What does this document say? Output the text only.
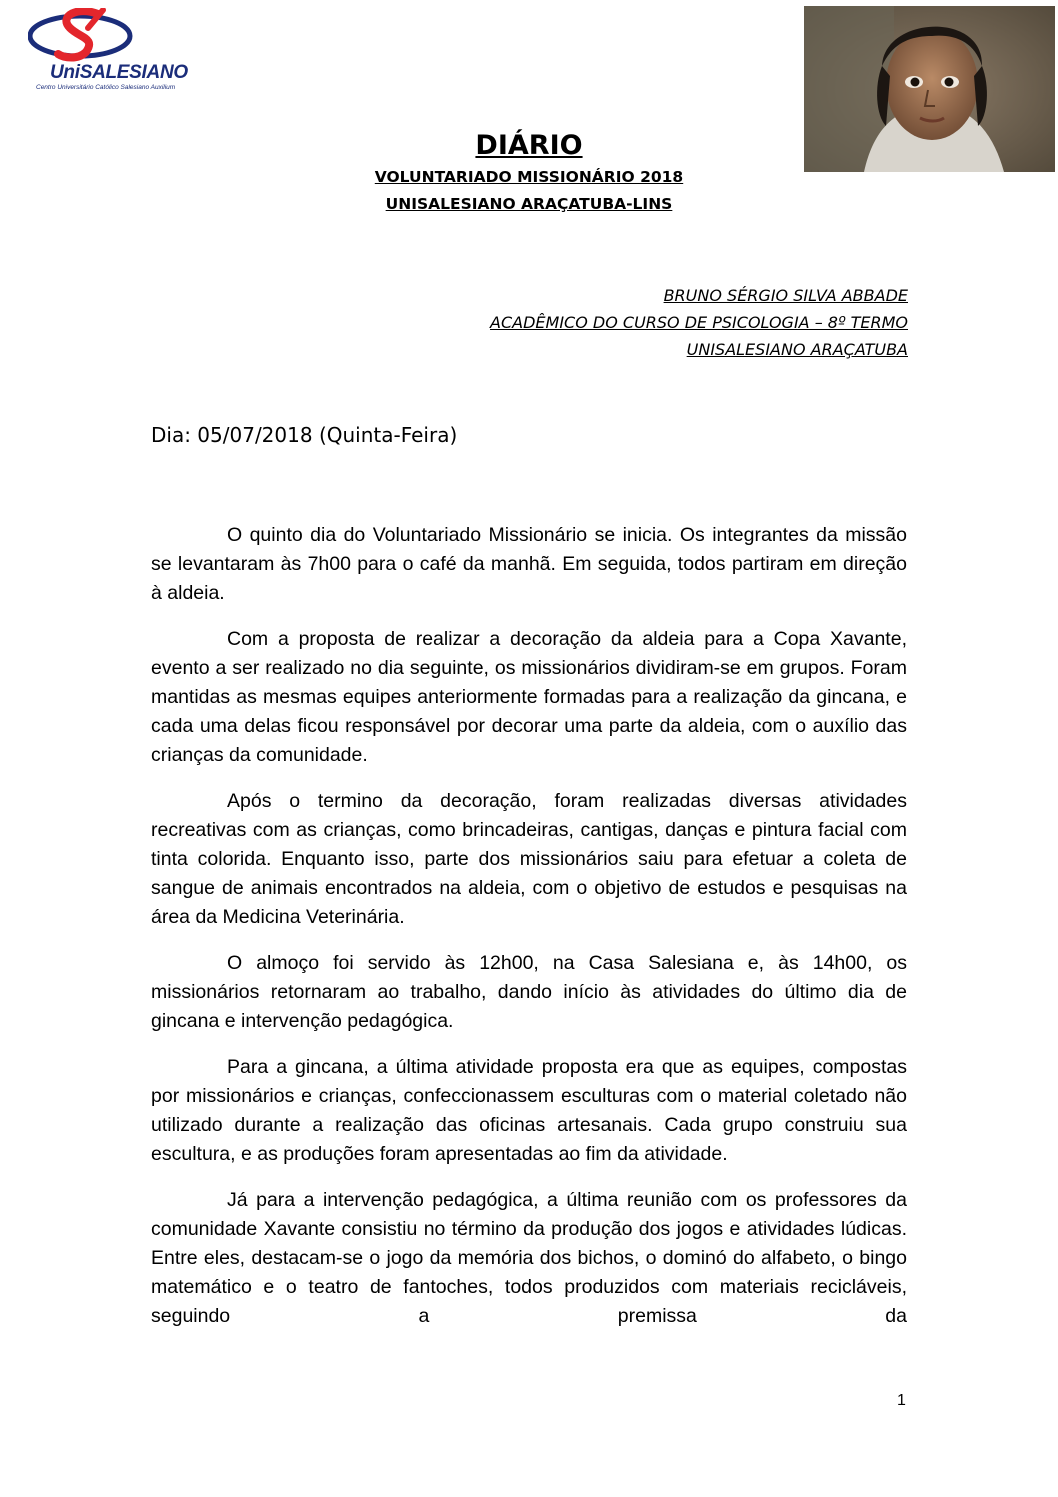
UniSALESIANO
Centro Universitário Católico Salesiano Auxilium
DIÁRIO
VOLUNTARIADO MISSIONÁRIO 2018
UNISALESIANO ARAÇATUBA-LINS
BRUNO SÉRGIO SILVA ABBADE
ACADÊMICO DO CURSO DE PSICOLOGIA – 8º TERMO
UNISALESIANO ARAÇATUBA
Dia: 05/07/2018 (Quinta-Feira)

O quinto dia do Voluntariado Missionário se inicia. Os integrantes da missão se levantaram às 7h00 para o café da manhã. Em seguida, todos partiram em direção à aldeia.

Com a proposta de realizar a decoração da aldeia para a Copa Xavante, evento a ser realizado no dia seguinte, os missionários dividiram-se em grupos. Foram mantidas as mesmas equipes anteriormente formadas para a realização da gincana, e cada uma delas ficou responsável por decorar uma parte da aldeia, com o auxílio das crianças da comunidade.

Após o termino da decoração, foram realizadas diversas atividades recreativas com as crianças, como brincadeiras, cantigas, danças e pintura facial com tinta colorida. Enquanto isso, parte dos missionários saiu para efetuar a coleta de sangue de animais encontrados na aldeia, com o objetivo de estudos e pesquisas na área da Medicina Veterinária.

O almoço foi servido às 12h00, na Casa Salesiana e, às 14h00, os missionários retornaram ao trabalho, dando início às atividades do último dia de gincana e intervenção pedagógica.

Para a gincana, a última atividade proposta era que as equipes, compostas por missionários e crianças, confeccionassem esculturas com o material coletado não utilizado durante a realização das oficinas artesanais. Cada grupo construiu sua escultura, e as produções foram apresentadas ao fim da atividade.

Já para a intervenção pedagógica, a última reunião com os professores da comunidade Xavante consistiu no término da produção dos jogos e atividades lúdicas. Entre eles, destacam-se o jogo da memória dos bichos, o dominó do alfabeto, o bingo matemático e o teatro de fantoches, todos produzidos com materiais recicláveis, seguindo a premissa da

1
